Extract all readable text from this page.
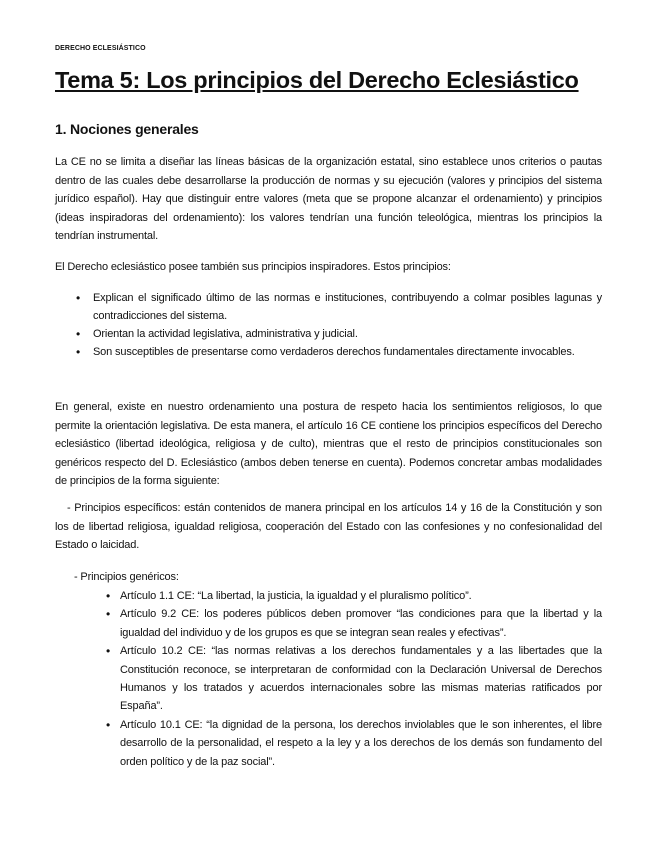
DERECHO ECLESIÁSTICO
Tema 5: Los principios del Derecho Eclesiástico
1. Nociones generales
La CE no se limita a diseñar las líneas básicas de la organización estatal, sino establece unos criterios o pautas dentro de las cuales debe desarrollarse la producción de normas y su ejecución (valores y principios del sistema jurídico español). Hay que distinguir entre valores (meta que se propone alcanzar el ordenamiento) y principios (ideas inspiradoras del ordenamiento): los valores tendrían una función teleológica, mientras los principios la tendrían instrumental.
El Derecho eclesiástico posee también sus principios inspiradores. Estos principios:
• Explican el significado último de las normas e instituciones, contribuyendo a colmar posibles lagunas y contradicciones del sistema.
• Orientan la actividad legislativa, administrativa y judicial.
• Son susceptibles de presentarse como verdaderos derechos fundamentales directamente invocables.
En general, existe en nuestro ordenamiento una postura de respeto hacia los sentimientos religiosos, lo que permite la orientación legislativa. De esta manera, el artículo 16 CE contiene los principios específicos del Derecho eclesiástico (libertad ideológica, religiosa y de culto), mientras que el resto de principios constitucionales son genéricos respecto del D. Eclesiástico (ambos deben tenerse en cuenta). Podemos concretar ambas modalidades de principios de la forma siguiente:
- Principios específicos: están contenidos de manera principal en los artículos 14 y 16 de la Constitución y son los de libertad religiosa, igualdad religiosa, cooperación del Estado con las confesiones y no confesionalidad del Estado o laicidad.
- Principios genéricos:
• Artículo 1.1 CE: “La libertad, la justicia, la igualdad y el pluralismo político”.
• Artículo 9.2 CE: los poderes públicos deben promover “las condiciones para que la libertad y la igualdad del individuo y de los grupos es que se integran sean reales y efectivas”.
• Artículo 10.2 CE: “las normas relativas a los derechos fundamentales y a las libertades que la Constitución reconoce, se interpretaran de conformidad con la Declaración Universal de Derechos Humanos y los tratados y acuerdos internacionales sobre las mismas materias ratificados por España”.
• Artículo 10.1 CE: “la dignidad de la persona, los derechos inviolables que le son inherentes, el libre desarrollo de la personalidad, el respeto a la ley y a los derechos de los demás son fundamento del orden político y de la paz social”.
